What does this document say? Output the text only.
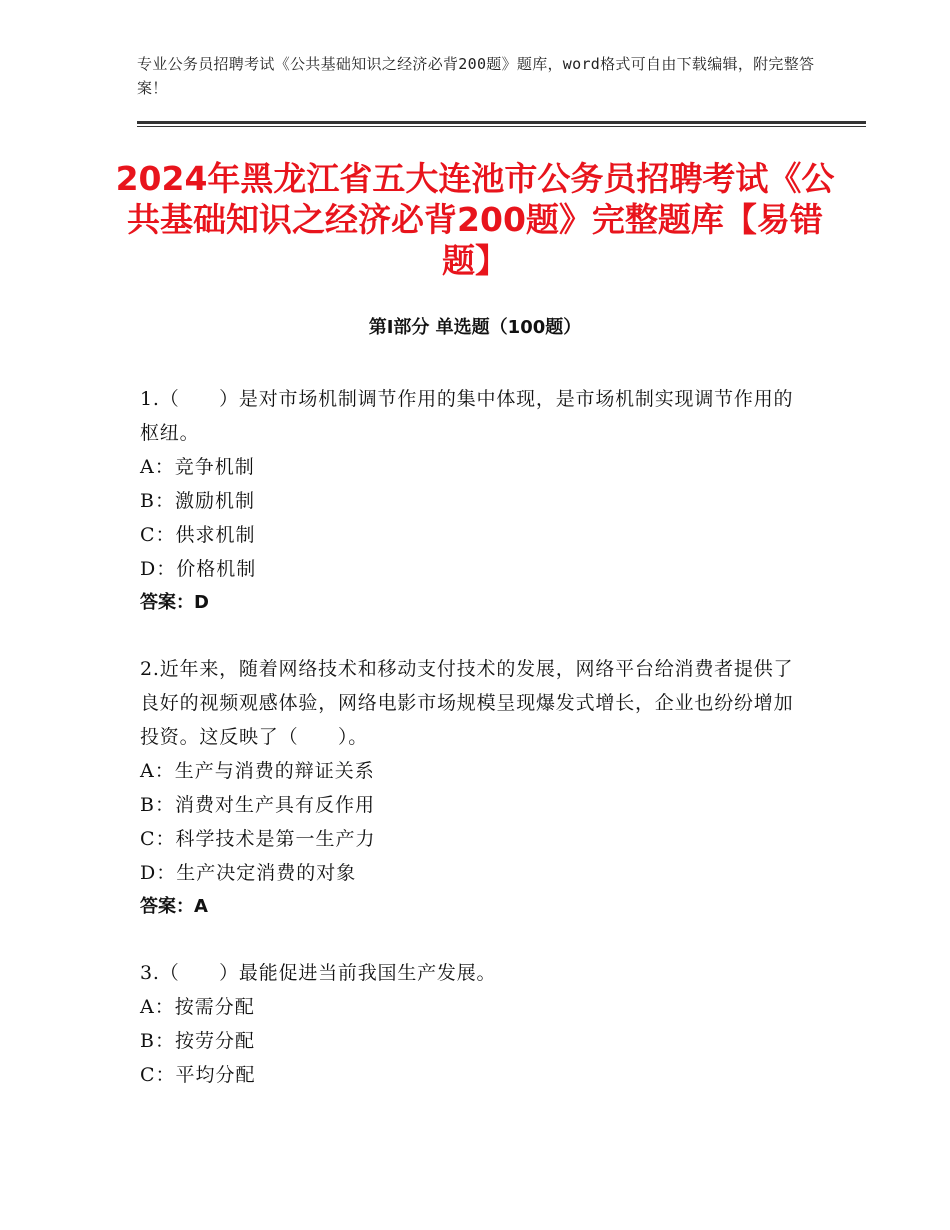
专业公务员招聘考试《公共基础知识之经济必背200题》题库，word格式可自由下载编辑，附完整答案！
2024年黑龙江省五大连池市公务员招聘考试《公共基础知识之经济必背200题》完整题库【易错题】
第I部分 单选题（100题）
1.（　　）是对市场机制调节作用的集中体现，是市场机制实现调节作用的枢纽。
A：竞争机制
B：激励机制
C：供求机制
D：价格机制
答案：D
2.近年来，随着网络技术和移动支付技术的发展，网络平台给消费者提供了良好的视频观感体验，网络电影市场规模呈现爆发式增长，企业也纷纷增加投资。这反映了（　　）。
A：生产与消费的辩证关系
B：消费对生产具有反作用
C：科学技术是第一生产力
D：生产决定消费的对象
答案：A
3.（　　）最能促进当前我国生产发展。
A：按需分配
B：按劳分配
C：平均分配
